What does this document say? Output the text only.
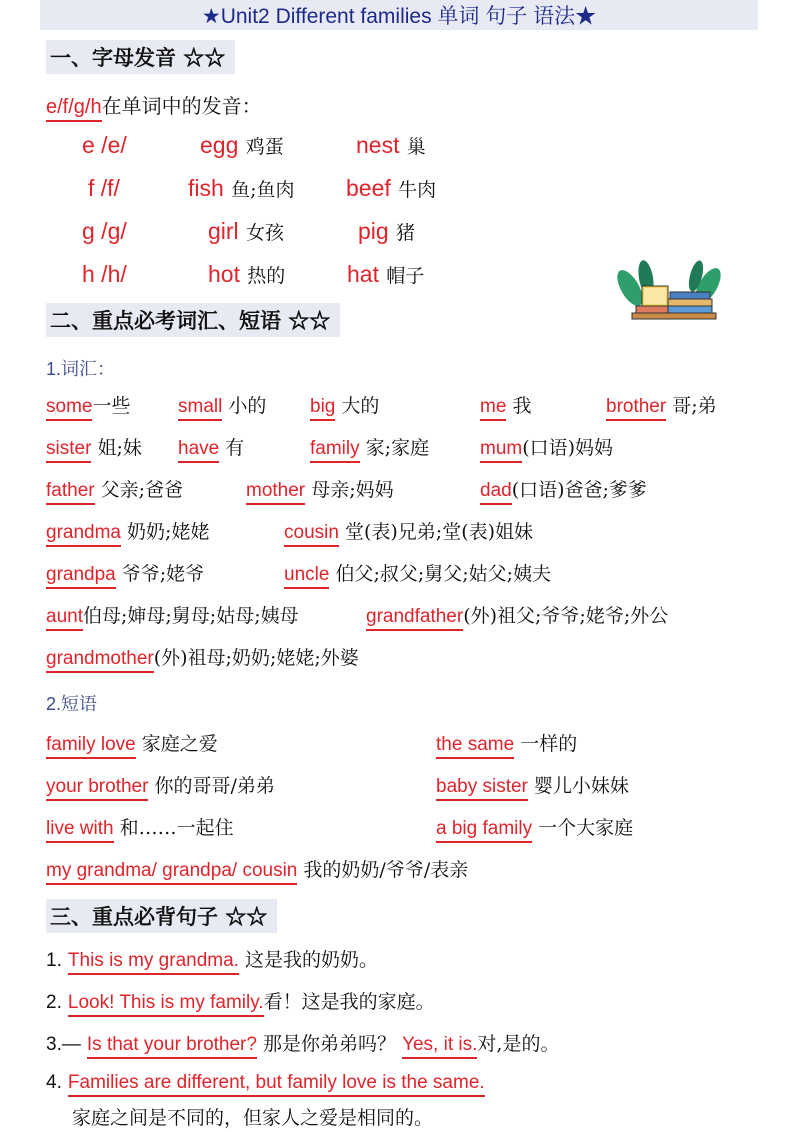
★Unit2 Different families 单词 句子 语法★
一、字母发音 ☆☆
e/f/g/h在单词中的发音：
e /e/	egg 鸡蛋	nest 巢
f /f/	fish 鱼;鱼肉 beef 牛肉
g /g/	girl 女孩	pig 猪
h /h/	hot 热的	hat 帽子
二、重点必考词汇、短语 ☆☆
1.词汇：
some一些	small 小的 big 大的	me 我	brother 哥;弟
sister 姐;妹 have 有	family 家;家庭	mum(口语)妈妈
father 父亲;爸爸	mother 母亲;妈妈	dad(口语)爸爸;爹爹
grandma 奶奶;姥姥	cousin 堂(表)兄弟;堂(表)姐妹
grandpa 爷爷;姥爷	uncle 伯父;叔父;舅父;姑父;姨夫
aunt伯母;婶母;舅母;姑母;姨母	grandfather(外)祖父;爷爷;姥爷;外公
grandmother(外)祖母;奶奶;姥姥;外婆
2.短语
family love 家庭之爱	the same 一样的
your brother 你的哥哥/弟弟	baby sister 婴儿小妹妹
live with 和……一起住	a big family 一个大家庭
my grandma/ grandpa/ cousin 我的奶奶/爷爷/表亲
三、重点必背句子 ☆☆
1. This is my grandma. 这是我的奶奶。
2. Look! This is my family.看！这是我的家庭。
3.— Is that your brother? 那是你弟弟吗？ Yes, it is.对,是的。
4. Families are different, but family love is the same.
家庭之间是不同的，但家人之爱是相同的。
